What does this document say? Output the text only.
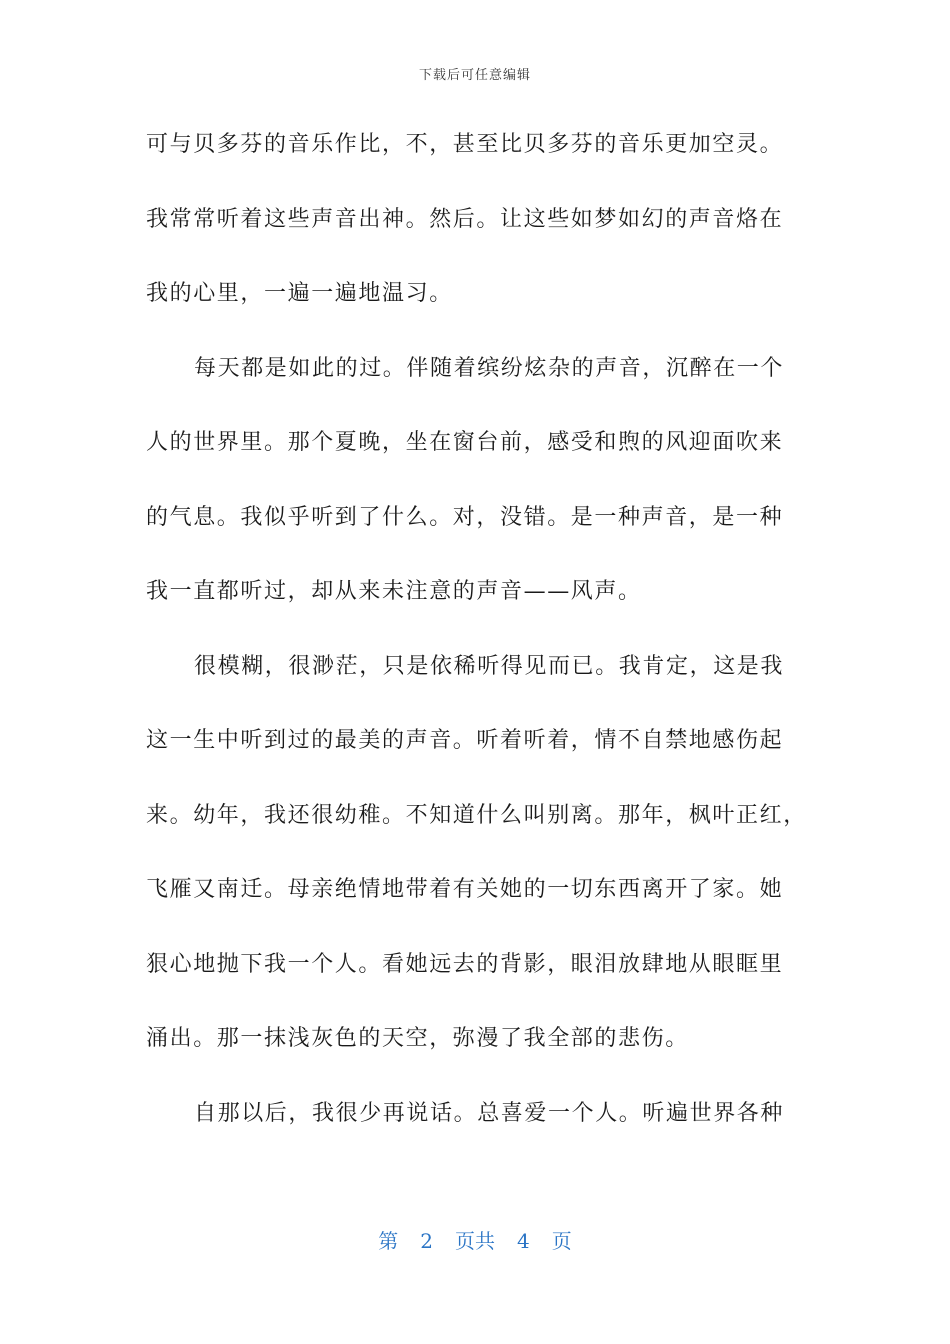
下载后可任意编辑
可与贝多芬的音乐作比，不，甚至比贝多芬的音乐更加空灵。
我常常听着这些声音出神。然后。让这些如梦如幻的声音烙在
我的心里，一遍一遍地温习。
每天都是如此的过。伴随着缤纷炫杂的声音，沉醉在一个
人的世界里。那个夏晚，坐在窗台前，感受和煦的风迎面吹来
的气息。我似乎听到了什么。对，没错。是一种声音，是一种
我一直都听过，却从来未注意的声音——风声。
很模糊，很渺茫，只是依稀听得见而已。我肯定，这是我
这一生中听到过的最美的声音。听着听着，情不自禁地感伤起
来。幼年，我还很幼稚。不知道什么叫别离。那年，枫叶正红，
飞雁又南迁。母亲绝情地带着有关她的一切东西离开了家。她
狠心地抛下我一个人。看她远去的背影，眼泪放肆地从眼眶里
涌出。那一抹浅灰色的天空，弥漫了我全部的悲伤。
自那以后，我很少再说话。总喜爱一个人。听遍世界各种
第 2 页共 4 页
